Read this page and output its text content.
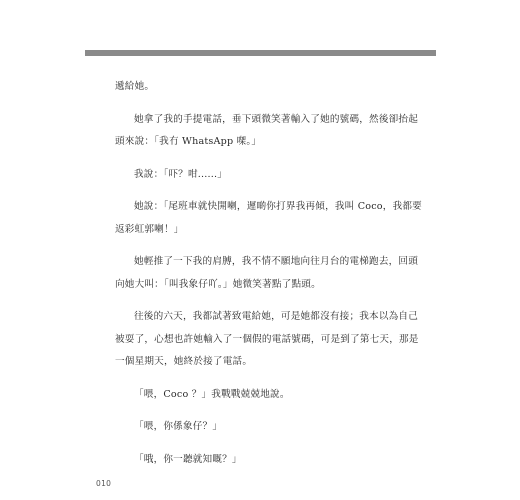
遞給她。

她拿了我的手提電話，垂下頭微笑著輸入了她的號碼，然後卻抬起

頭來說：「我冇 WhatsApp 㗎。」

我說：「吓？咁......」

她說：「尾班車就快開喇，遲啲你打界我再傾，我叫 Coco，我都要

返彩虹郭喇！」

她輕推了一下我的肩膊，我不情不願地向往月台的電梯跑去，回頭

向她大叫：「叫我象仔吖。」她微笑著點了點頭。

往後的六天，我都試著致電給她，可是她都沒有接；我本以為自己

被耍了，心想也許她輸入了一個假的電話號碼，可是到了第七天，那是

一個星期天，她終於接了電話。

「喂，Coco ？」我戰戰兢兢地說。

「喂，你係象仔？」

「哦，你一聽就知嘅？」

010
